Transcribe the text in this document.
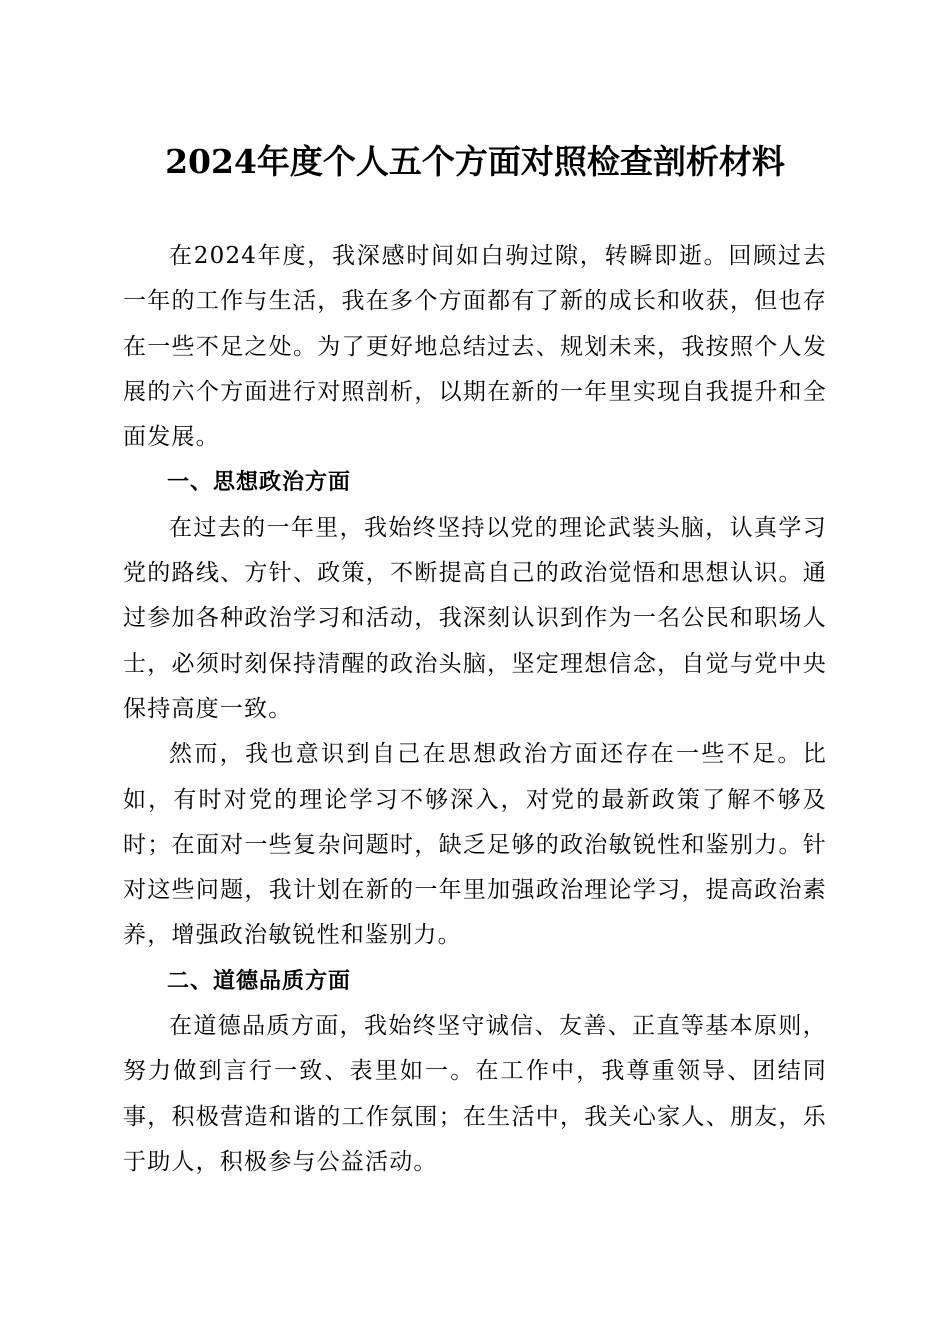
2024年度个人五个方面对照检查剖析材料

在2024年度，我深感时间如白驹过隙，转瞬即逝。回顾过去一年的工作与生活，我在多个方面都有了新的成长和收获，但也存在一些不足之处。为了更好地总结过去、规划未来，我按照个人发展的六个方面进行对照剖析，以期在新的一年里实现自我提升和全面发展。

一、思想政治方面

在过去的一年里，我始终坚持以党的理论武装头脑，认真学习党的路线、方针、政策，不断提高自己的政治觉悟和思想认识。通过参加各种政治学习和活动，我深刻认识到作为一名公民和职场人士，必须时刻保持清醒的政治头脑，坚定理想信念，自觉与党中央保持高度一致。

然而，我也意识到自己在思想政治方面还存在一些不足。比如，有时对党的理论学习不够深入，对党的最新政策了解不够及时；在面对一些复杂问题时，缺乏足够的政治敏锐性和鉴别力。针对这些问题，我计划在新的一年里加强政治理论学习，提高政治素养，增强政治敏锐性和鉴别力。

二、道德品质方面

在道德品质方面，我始终坚守诚信、友善、正直等基本原则，努力做到言行一致、表里如一。在工作中，我尊重领导、团结同事，积极营造和谐的工作氛围；在生活中，我关心家人、朋友，乐于助人，积极参与公益活动。
